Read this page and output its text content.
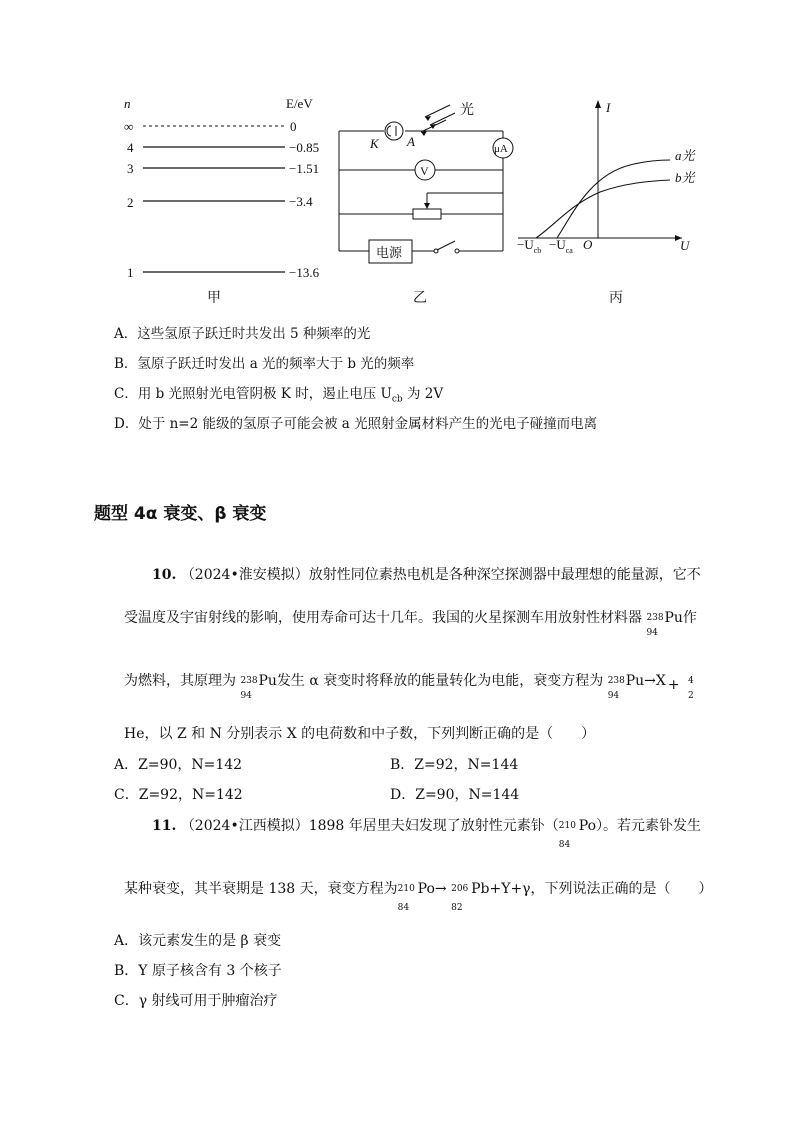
n	E/eV
∞	0
4	−0.85
3	−1.51
2	−3.4
1	−13.6
甲
光
K A	μA
V
电源
乙
I
U
a光
b光
$-U_{cb} -U_{ca}$ O
丙
A．这些氢原子跃迁时共发出 5 种频率的光
B．氢原子跃迁时发出 a 光的频率大于 b 光的频率
C．用 b 光照射光电管阴极 K 时，遏止电压 $U_{cb}$ 为 2V
D．处于 n=2 能级的氢原子可能会被 a 光照射金属材料产生的光电子碰撞而电离
题型 4α 衰变、β 衰变
10. （2024•淮安模拟）放射性同位素热电机是各种深空探测器中最理想的能量源，它不
受温度及宇宙射线的影响，使用寿命可达十几年。我国的火星探测车用放射性材料器 238
94
Pu作
为燃料，其原理为 238
94
Pu发生 α 衰变时将释放的能量转化为电能，衰变方程为 238
94
Pu→X + 4
2
He，以 Z 和 N 分别表示 X 的电荷数和中子数，下列判断正确的是（　　）
A．Z=90，N=142	B．Z=92，N=144
C．Z=92，N=142	D．Z=90，N=144
11. （2024•江西模拟）1898 年居里夫妇发现了放射性元素钋（ 210
84
Po）。若元素钋发生
某种衰变，其半衰期是 138 天，衰变方程为 210
84
Po→ 206
82
Pb+Y+γ，下列说法正确的是（　　）
A．该元素发生的是 β 衰变
B．Y 原子核含有 3 个核子
C．γ 射线可用于肿瘤治疗
